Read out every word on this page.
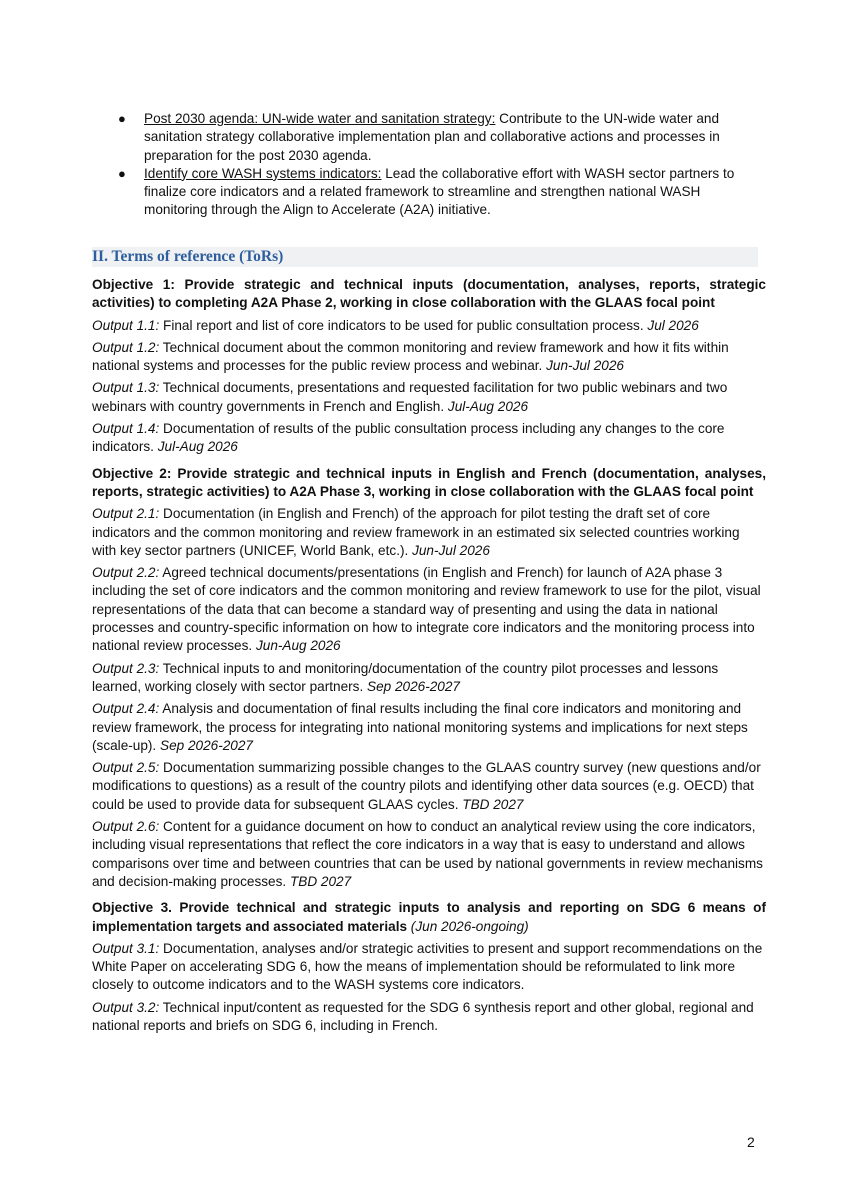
● Post 2030 agenda: UN-wide water and sanitation strategy: Contribute to the UN-wide water and sanitation strategy collaborative implementation plan and collaborative actions and processes in preparation for the post 2030 agenda.
● Identify core WASH systems indicators: Lead the collaborative effort with WASH sector partners to finalize core indicators and a related framework to streamline and strengthen national WASH monitoring through the Align to Accelerate (A2A) initiative.
II. Terms of reference (ToRs)

Objective 1: Provide strategic and technical inputs (documentation, analyses, reports, strategic activities) to completing A2A Phase 2, working in close collaboration with the GLAAS focal point

Output 1.1: Final report and list of core indicators to be used for public consultation process. Jul 2026

Output 1.2: Technical document about the common monitoring and review framework and how it fits within national systems and processes for the public review process and webinar. Jun-Jul 2026

Output 1.3: Technical documents, presentations and requested facilitation for two public webinars and two webinars with country governments in French and English. Jul-Aug 2026

Output 1.4: Documentation of results of the public consultation process including any changes to the core indicators. Jul-Aug 2026

Objective 2: Provide strategic and technical inputs in English and French (documentation, analyses, reports, strategic activities) to A2A Phase 3, working in close collaboration with the GLAAS focal point

Output 2.1: Documentation (in English and French) of the approach for pilot testing the draft set of core indicators and the common monitoring and review framework in an estimated six selected countries working with key sector partners (UNICEF, World Bank, etc.). Jun-Jul 2026

Output 2.2: Agreed technical documents/presentations (in English and French) for launch of A2A phase 3 including the set of core indicators and the common monitoring and review framework to use for the pilot, visual representations of the data that can become a standard way of presenting and using the data in national processes and country-specific information on how to integrate core indicators and the monitoring process into national review processes. Jun-Aug 2026

Output 2.3: Technical inputs to and monitoring/documentation of the country pilot processes and lessons learned, working closely with sector partners. Sep 2026-2027

Output 2.4: Analysis and documentation of final results including the final core indicators and monitoring and review framework, the process for integrating into national monitoring systems and implications for next steps (scale-up). Sep 2026-2027

Output 2.5: Documentation summarizing possible changes to the GLAAS country survey (new questions and/or modifications to questions) as a result of the country pilots and identifying other data sources (e.g. OECD) that could be used to provide data for subsequent GLAAS cycles. TBD 2027

Output 2.6: Content for a guidance document on how to conduct an analytical review using the core indicators, including visual representations that reflect the core indicators in a way that is easy to understand and allows comparisons over time and between countries that can be used by national governments in review mechanisms and decision-making processes. TBD 2027

Objective 3. Provide technical and strategic inputs to analysis and reporting on SDG 6 means of implementation targets and associated materials (Jun 2026-ongoing)

Output 3.1: Documentation, analyses and/or strategic activities to present and support recommendations on the White Paper on accelerating SDG 6, how the means of implementation should be reformulated to link more closely to outcome indicators and to the WASH systems core indicators.

Output 3.2: Technical input/content as requested for the SDG 6 synthesis report and other global, regional and national reports and briefs on SDG 6, including in French.

2
